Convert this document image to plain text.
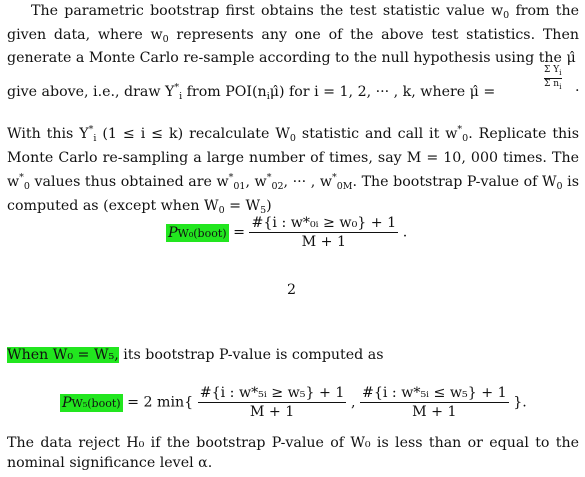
The parametric bootstrap first obtains the test statistic value $w_0$ from the given data, where $w_0$ represents any one of the above test statistics. Then generate a Monte Carlo re-sample according to the null hypothesis using the μ̂
give above, i.e., draw $Y^*_i$ from $POI(n_i\mû)$ for i = 1, 2, ··· , k, where μ̂ =
$\frac{\Sigma Y_i}{\Sigma n_i}$ .
With this $Y^*_i$ (1 ≤ i ≤ k) recalculate $W_0$ statistic and call it $w^*_0$. Replicate this Monte Carlo re-sampling a large number of times, say M = 10, 000 times. The $w^*_0$ values thus obtained are $w^*_{01}$, $w^*_{02}$, ··· , $w^*_{0M}$. The bootstrap P-value of $W_0$ is computed as (except when $W_0 = W_5$)
PW₀(boot) = $\frac{\text{\#\{i : w*₀ᵢ ≥ w₀\} + 1}}{M + 1}$ .
2
When W₀ = W₅, its bootstrap P-value is computed as
PW₅(boot) = 2 $\min\{ \frac{\text{\#\{i : w*₅ᵢ ≥ w₅\} + 1}}{M + 1}$ , $\frac{\text{\#\{i : w*₅ᵢ ≤ w₅\} + 1}}{M + 1}$ }.
The data reject H₀ if the bootstrap P-value of W₀ is less than or equal to the nominal significance level α.
